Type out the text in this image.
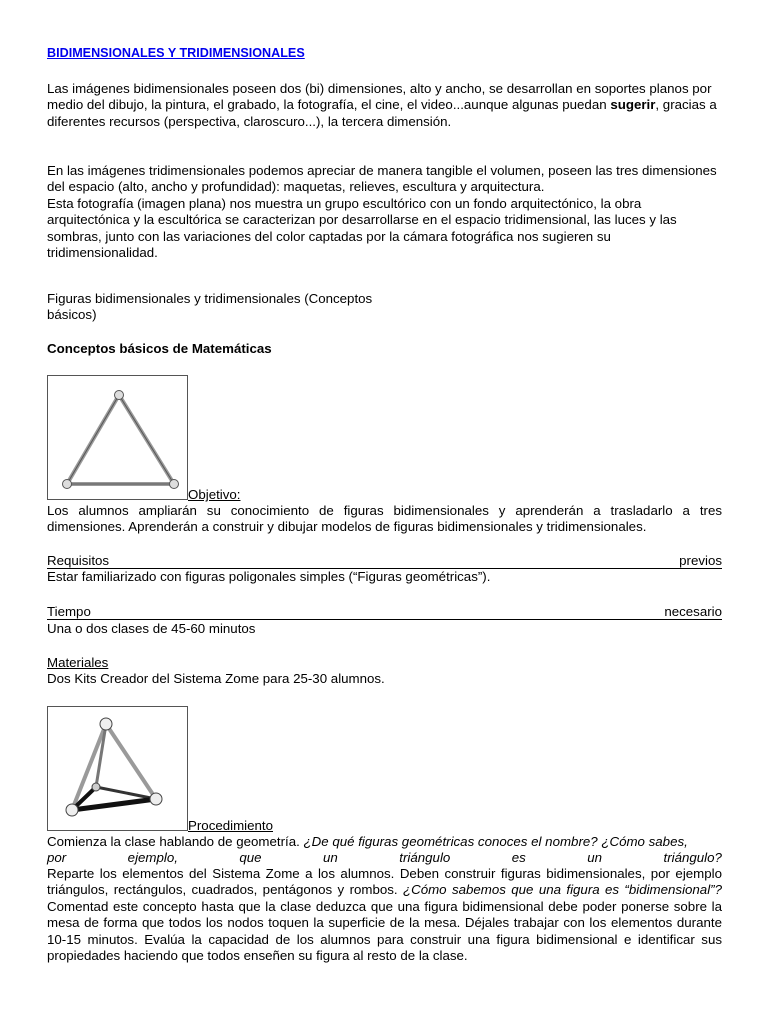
BIDIMENSIONALES Y TRIDIMENSIONALES

Las imágenes bidimensionales poseen dos (bi) dimensiones, alto y ancho, se desarrollan en soportes planos por medio del dibujo, la pintura, el grabado, la fotografía, el cine, el video...aunque algunas puedan sugerir, gracias a diferentes recursos (perspectiva, claroscuro...), la tercera dimensión.

En las imágenes tridimensionales podemos apreciar de manera tangible el volumen, poseen las tres dimensiones del espacio (alto, ancho y profundidad): maquetas, relieves, escultura y arquitectura.

Esta fotografía (imagen plana) nos muestra un grupo escultórico con un fondo arquitectónico, la obra arquitectónica y la escultórica se caracterizan por desarrollarse en el espacio tridimensional, las luces y las sombras, junto con las variaciones del color captadas por la cámara fotográfica nos sugieren su tridimensionalidad.

Figuras bidimensionales y tridimensionales (Conceptos básicos)

Conceptos básicos de Matemáticas

Objetivo:

Los alumnos ampliarán su conocimiento de figuras bidimensionales y aprenderán a trasladarlo a tres dimensiones. Aprenderán a construir y dibujar modelos de figuras bidimensionales y tridimensionales.

Requisitos	previos

Estar familiarizado con figuras poligonales simples (“Figuras geométricas”).

Tiempo	necesario

Una o dos clases de 45-60 minutos

Materiales

Dos Kits Creador del Sistema Zome para 25-30 alumnos.

Procedimiento

Comienza la clase hablando de geometría. ¿De qué figuras geométricas conoces el nombre? ¿Cómo sabes,

por	ejemplo,	que	un	triángulo	es	un	triángulo?

Reparte los elementos del Sistema Zome a los alumnos. Deben construir figuras bidimensionales, por ejemplo triángulos, rectángulos, cuadrados, pentágonos y rombos. ¿Cómo sabemos que una figura es “bidimensional”? Comentad este concepto hasta que la clase deduzca que una figura bidimensional debe poder ponerse sobre la mesa de forma que todos los nodos toquen la superficie de la mesa. Déjales trabajar con los elementos durante 10-15 minutos. Evalúa la capacidad de los alumnos para construir una figura bidimensional e identificar sus propiedades haciendo que todos enseñen su figura al resto de la clase.
